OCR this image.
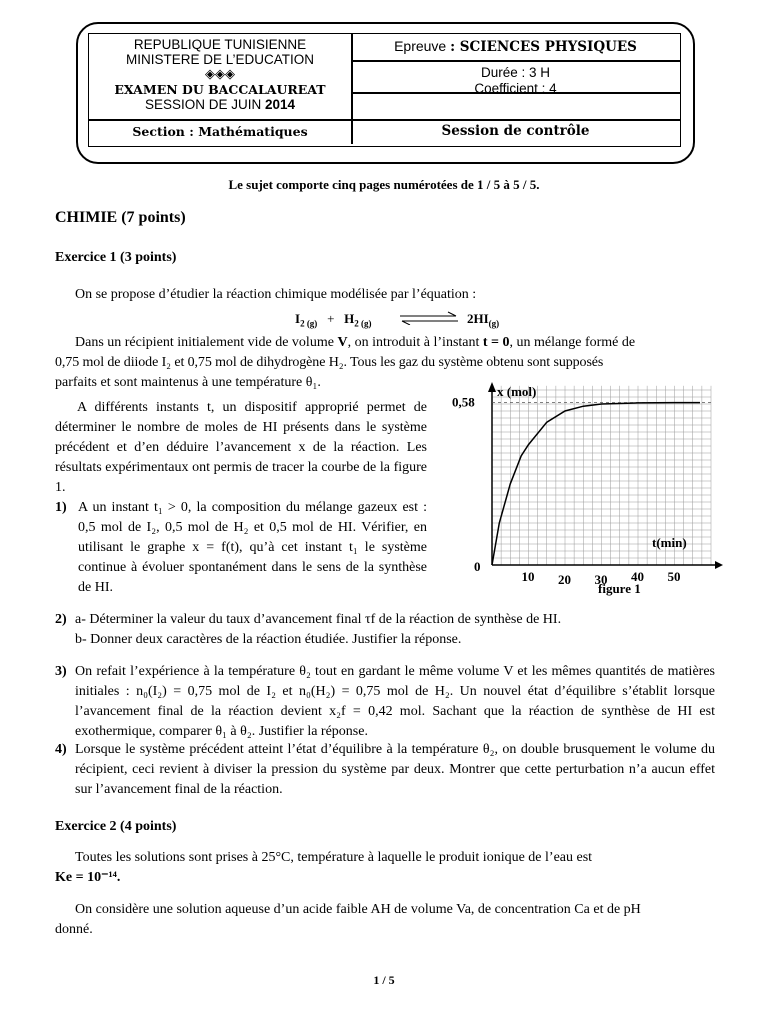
REPUBLIQUE TUNISIENNE
MINISTERE DE L’EDUCATION
◈◈◈
EXAMEN DU BACCALAUREAT
SESSION DE JUIN 2014
Epreuve : SCIENCES PHYSIQUES
Durée : 3 H
Coefficient : 4
Section : Mathématiques	Session de contrôle
Le sujet comporte cinq pages numérotées de 1 / 5 à 5 / 5.
CHIMIE (7 points)
Exercice 1 (3 points)
On se propose d’étudier la réaction chimique modélisée par l’équation :
$I_{2 (g)} + H_{2 (g)}$	⇌ $2HI_{(g)}$
Dans un récipient initialement vide de volume V, on introduit à l’instant t = 0, un mélange formé de
0,75 mol de diiode I₂ et 0,75 mol de dihydrogène H₂. Tous les gaz du système obtenu sont supposés
parfaits et sont maintenus à une température θ₁.
A différents instants t, un dispositif approprié permet de déterminer le nombre de moles de HI présents dans le système précédent et d’en déduire l’avancement x de la réaction. Les résultats expérimentaux ont permis de tracer la courbe de la figure 1.
1) A un instant t₁ > 0, la composition du mélange gazeux est : 0,5 mol de I₂, 0,5 mol de H₂ et 0,5 mol de HI. Vérifier, en utilisant le graphe x = f(t), qu’à cet instant t₁ le système continue à évoluer spontanément dans le sens de la synthèse de HI.
x (mol)
0,58
t(min)
0
10 20 30 40 50
figure 1
2) a- Déterminer la valeur du taux d’avancement final τf de la réaction de synthèse de HI.
b- Donner deux caractères de la réaction étudiée. Justifier la réponse.
3) On refait l’expérience à la température θ₂ tout en gardant le même volume V et les mêmes quantités de matières initiales : n₀(I₂) = 0,75 mol de I₂ et n₀(H₂) = 0,75 mol de H₂. Un nouvel état d’équilibre s’établit lorsque l’avancement final de la réaction devient x₂f = 0,42 mol. Sachant que la réaction de synthèse de HI est exothermique, comparer θ₁ à θ₂. Justifier la réponse.
4) Lorsque le système précédent atteint l’état d’équilibre à la température θ₂, on double brusquement le volume du récipient, ceci revient à diviser la pression du système par deux. Montrer que cette perturbation n’a aucun effet sur l’avancement final de la réaction.
Exercice 2 (4 points)
Toutes les solutions sont prises à 25°C, température à laquelle le produit ionique de l’eau est
Ke = 10⁻¹⁴.
On considère une solution aqueuse d’un acide faible AH de volume Va, de concentration Ca et de pH
donné.
1 / 5
